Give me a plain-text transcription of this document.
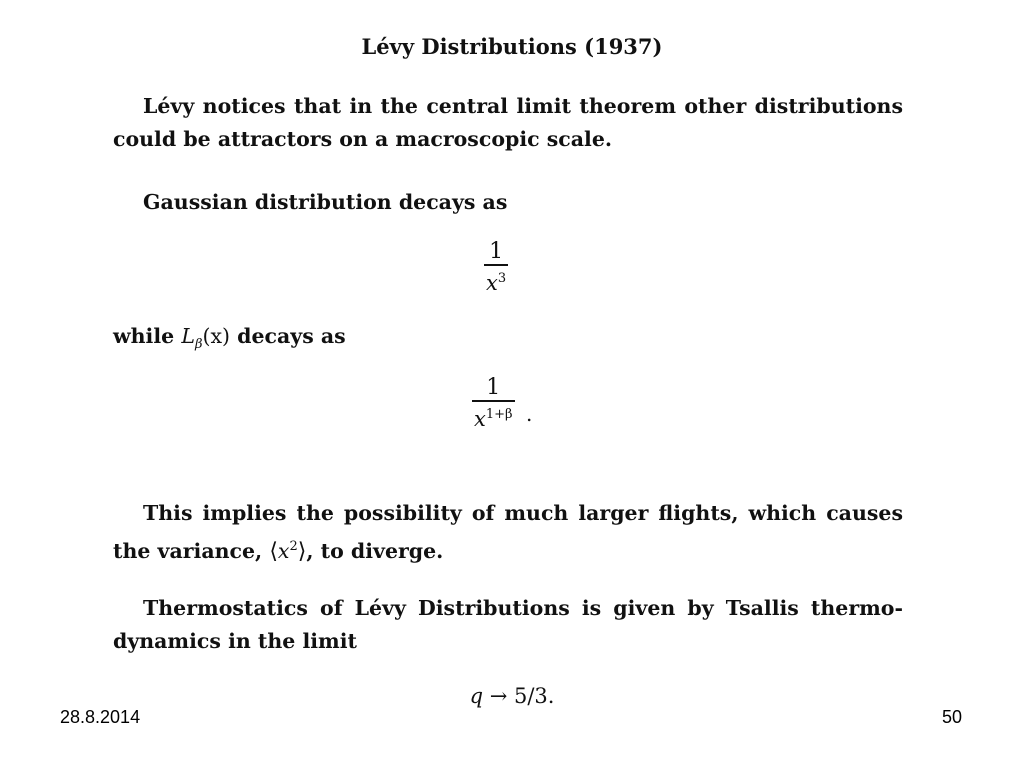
Lévy Distributions (1937)
Lévy notices that in the central limit theorem other distributions could be attractors on a macroscopic scale.
Gaussian distribution decays as
1
$x^3$
while $L_\beta(x)$ decays as
1
$x^{1+\beta}$ .
This implies the possibility of much larger flights, which causes the variance, $⟨x^2⟩$, to diverge.
Thermostatics of Lévy Distributions is given by Tsallis thermo-dynamics in the limit
q → 5/3.
28.8.2014	50
